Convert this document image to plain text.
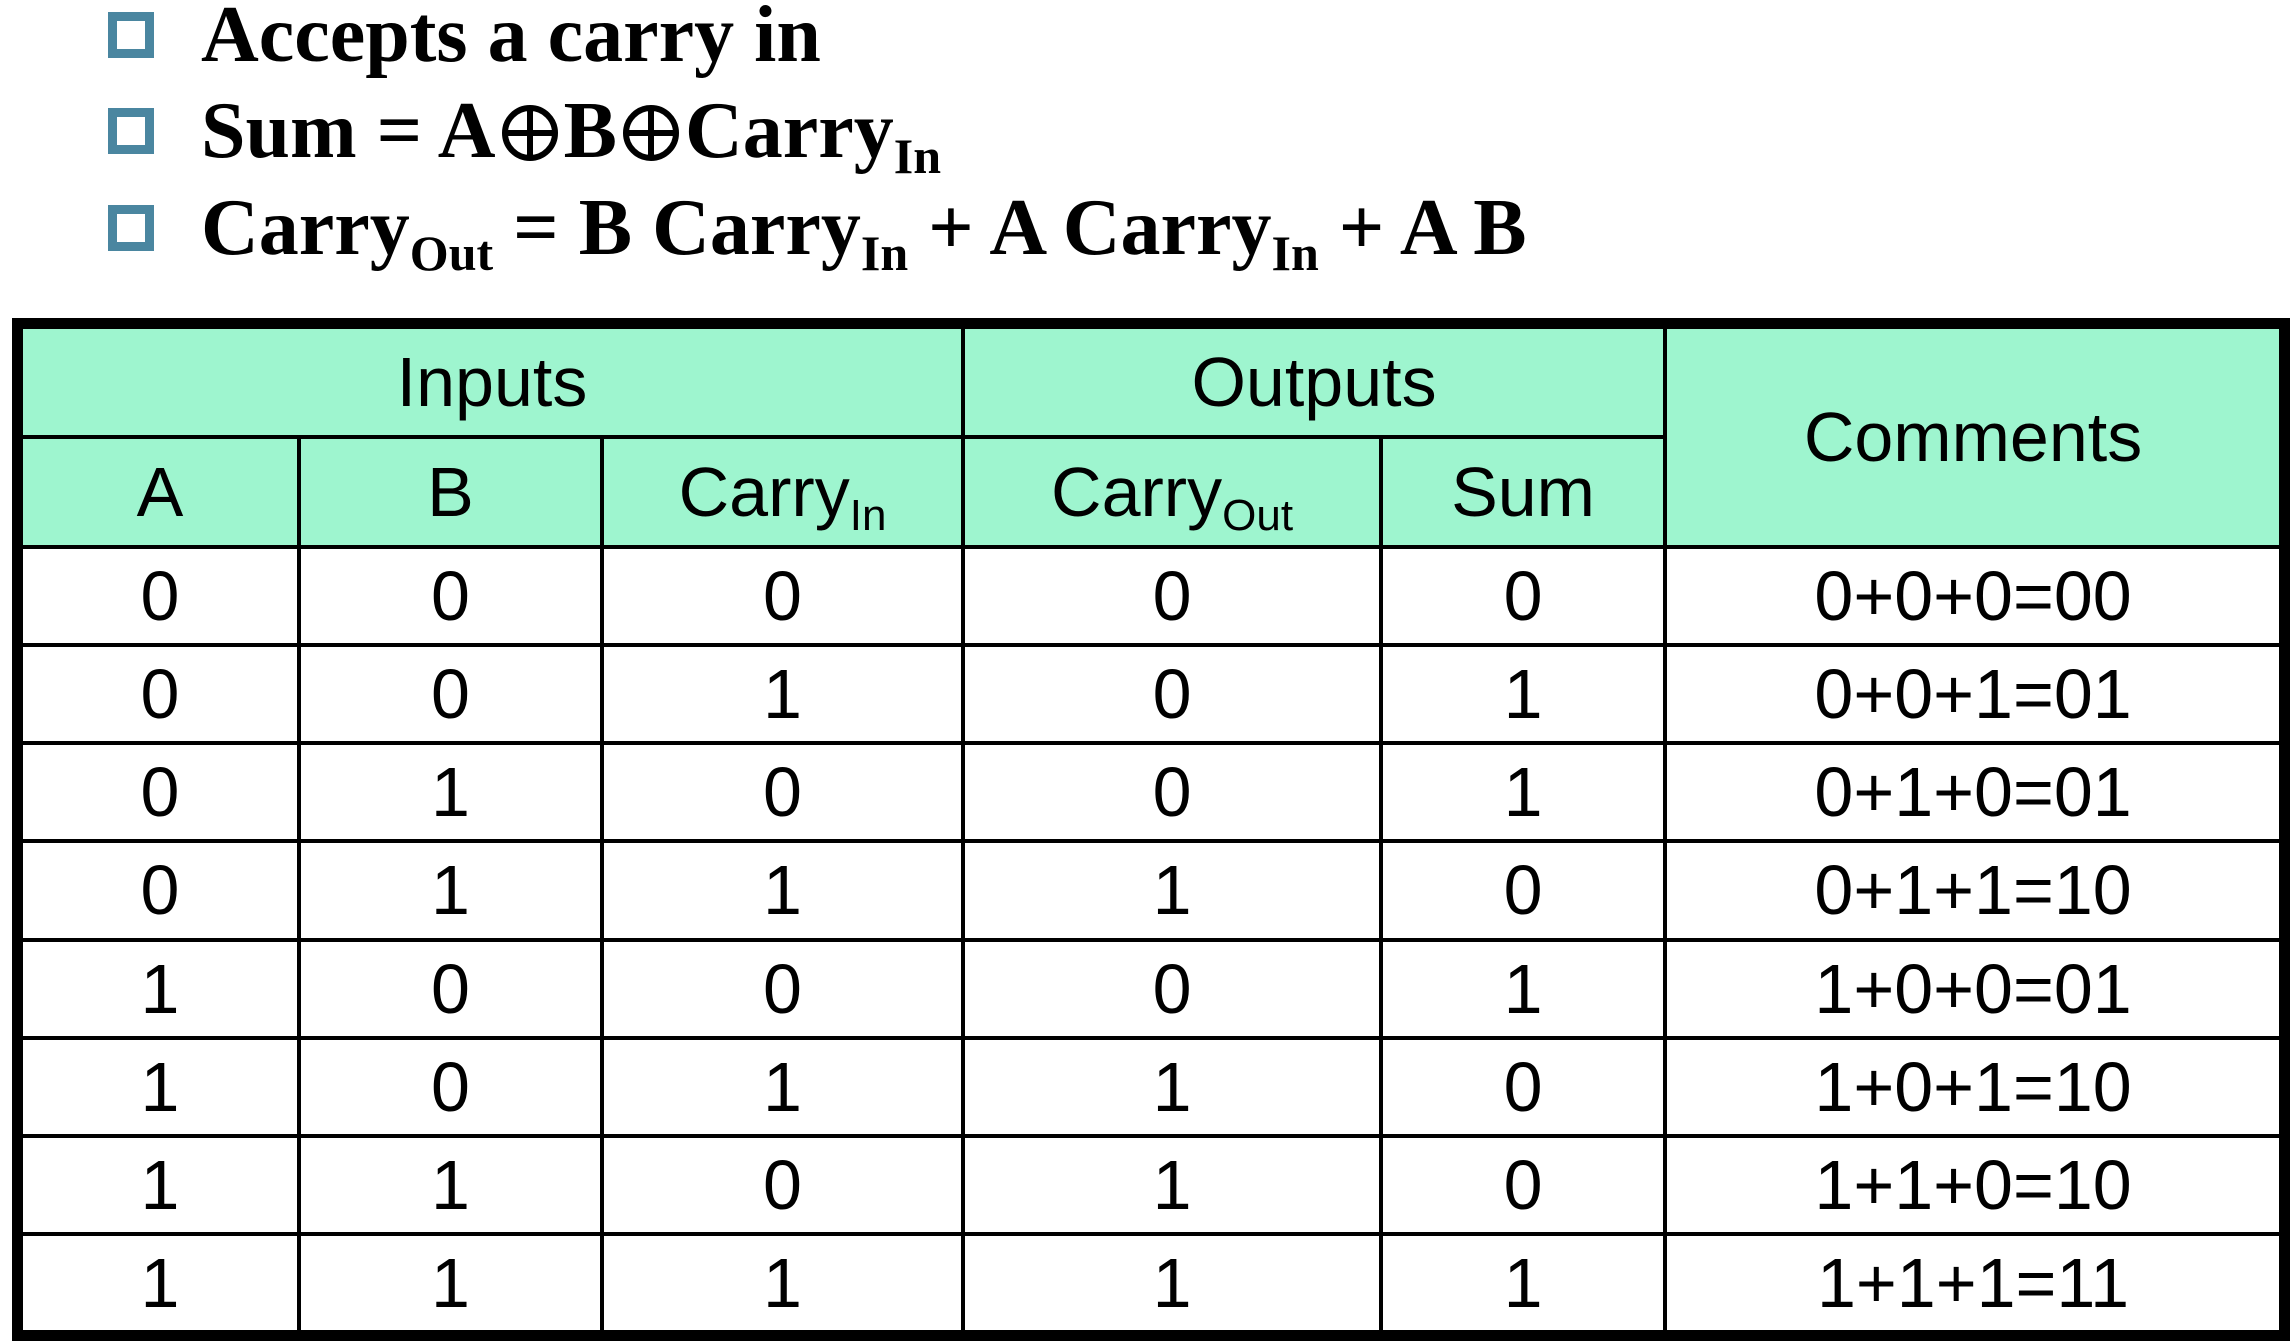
Accepts a carry in
Sum = A B Carry$_{In}$
Carry$_{Out}$ = B Carry$_{In}$ + A Carry$_{In}$ + A B
Inputs			Outputs		Comments
A	B	Carry$_{In}$	Carry$_{Out}$	Sum	
0	0	0	0	0	0+0+0=00
0	0	1	0	1	0+0+1=01
0	1	0	0	1	0+1+0=01
0	1	1	1	0	0+1+1=10
1	0	0	0	1	1+0+0=01
1	0	1	1	0	1+0+1=10
1	1	0	1	0	1+1+0=10
1	1	1	1	1	1+1+1=11
